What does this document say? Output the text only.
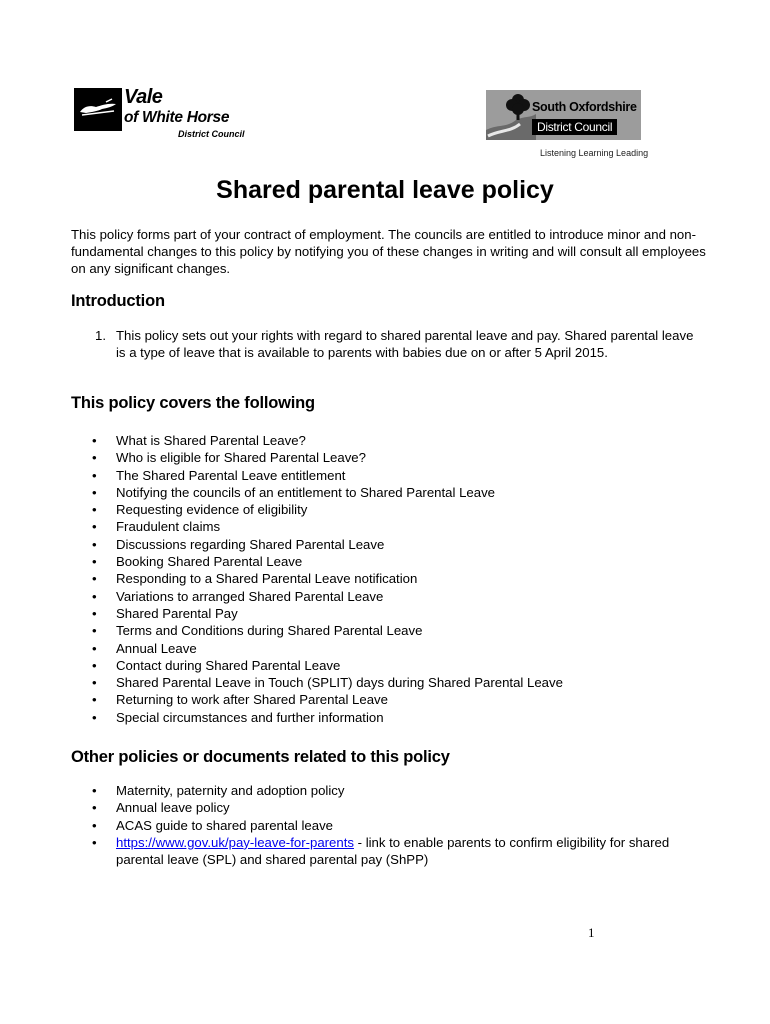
Vale
of White Horse
District Council
South Oxfordshire
District Council
Listening Learning Leading
Shared parental leave policy

This policy forms part of your contract of employment. The councils are entitled to introduce minor and non-fundamental changes to this policy by notifying you of these changes in writing and will consult all employees on any significant changes.

Introduction
1. This policy sets out your rights with regard to shared parental leave and pay. Shared parental leave is a type of leave that is available to parents with babies due on or after 5 April 2015.
This policy covers the following
• What is Shared Parental Leave?
• Who is eligible for Shared Parental Leave?
• The Shared Parental Leave entitlement
• Notifying the councils of an entitlement to Shared Parental Leave
• Requesting evidence of eligibility
• Fraudulent claims
• Discussions regarding Shared Parental Leave
• Booking Shared Parental Leave
• Responding to a Shared Parental Leave notification
• Variations to arranged Shared Parental Leave
• Shared Parental Pay
• Terms and Conditions during Shared Parental Leave
• Annual Leave
• Contact during Shared Parental Leave
• Shared Parental Leave in Touch (SPLIT) days during Shared Parental Leave
• Returning to work after Shared Parental Leave
• Special circumstances and further information
Other policies or documents related to this policy
• Maternity, paternity and adoption policy
• Annual leave policy
• ACAS guide to shared parental leave
• https://www.gov.uk/pay-leave-for-parents - link to enable parents to confirm eligibility for shared parental leave (SPL) and shared parental pay (ShPP)
1
